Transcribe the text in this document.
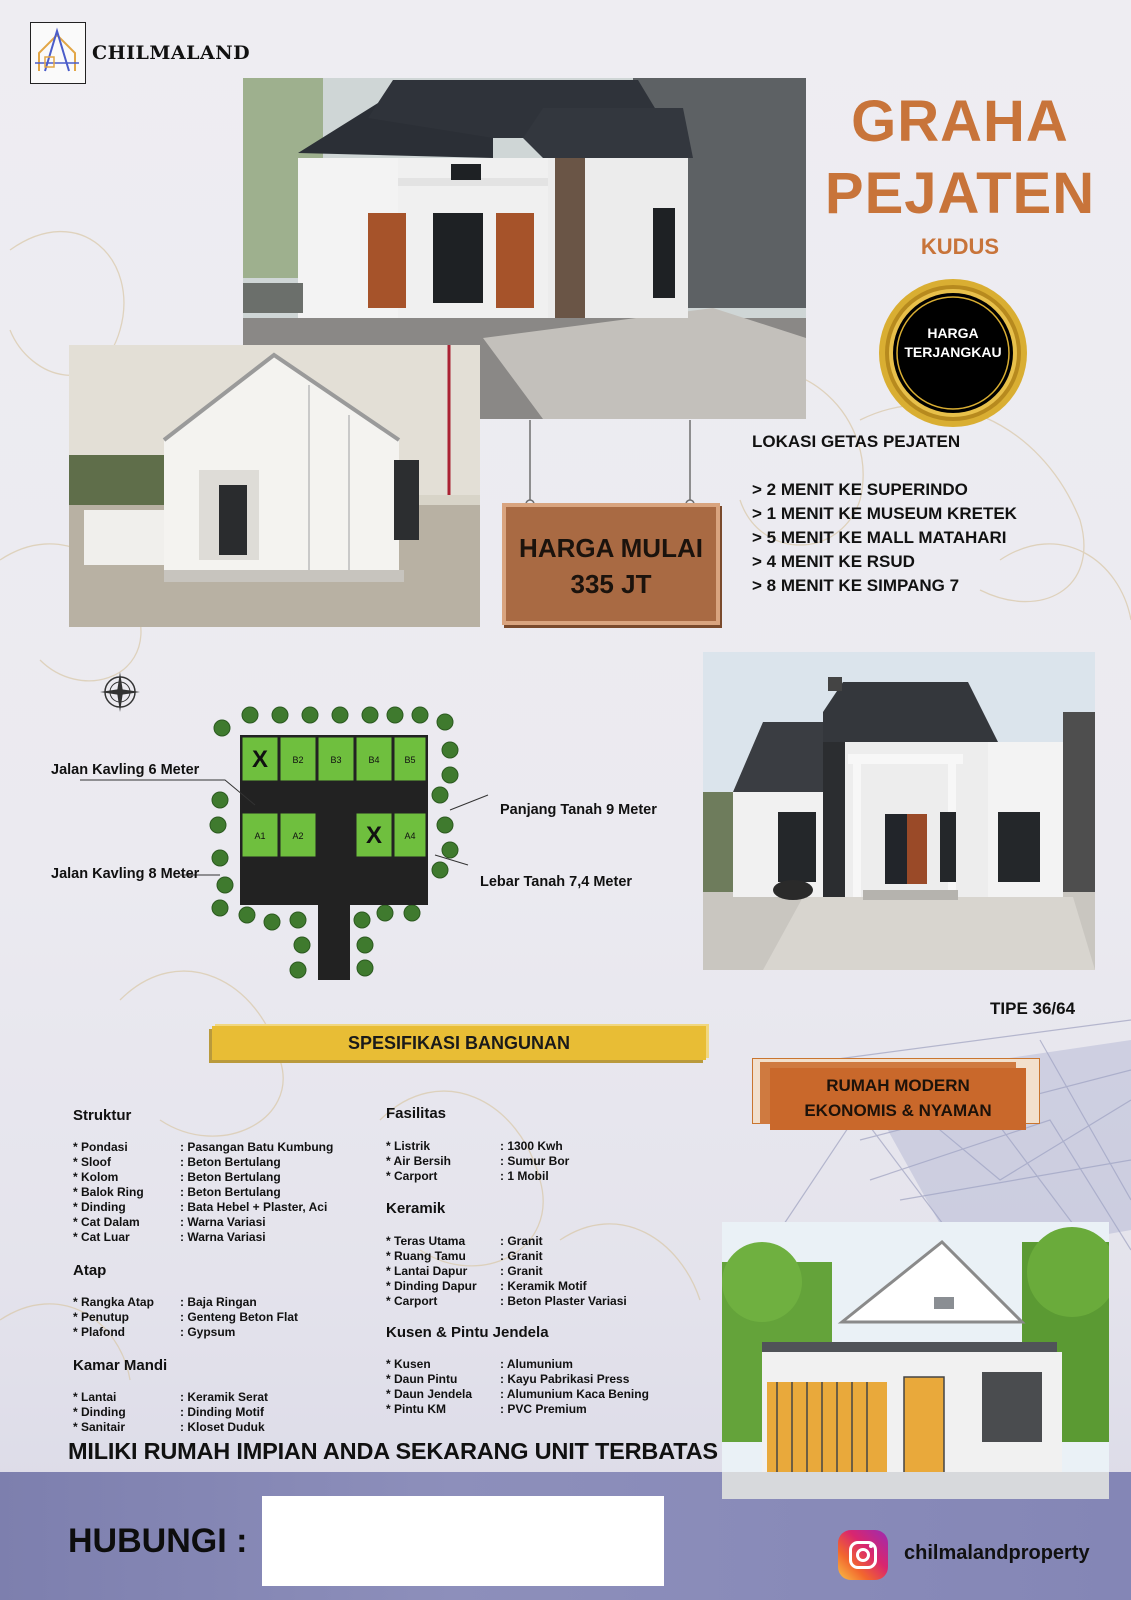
CHILMALAND
GRAHA
PEJATEN
KUDUS
HARGA
TERJANGKAU
HARGA MULAI
335 JT
LOKASI GETAS PEJATEN
> 2 MENIT KE SUPERINDO
> 1 MENIT KE MUSEUM KRETEK
> 5 MENIT KE MALL MATAHARI
> 4 MENIT KE RSUD
> 8 MENIT KE SIMPANG 7
X	B2	B3	B4	B5
A1	A2	X A4
Jalan Kavling 6 Meter
Jalan Kavling 8 Meter
Panjang Tanah 9 Meter
Lebar Tanah 7,4 Meter
TIPE 36/64
SPESIFIKASI BANGUNAN
RUMAH MODERN
EKONOMIS & NYAMAN
Struktur
* Pondasi	: Pasangan Batu Kumbung
* Sloof	: Beton Bertulang
* Kolom	: Beton Bertulang
* Balok Ring	: Beton Bertulang
* Dinding	: Bata Hebel + Plaster, Aci
* Cat Dalam	: Warna Variasi
* Cat Luar	: Warna Variasi
Atap
* Rangka Atap : Baja Ringan
* Penutup	: Genteng Beton Flat
* Plafond	: Gypsum
Kamar Mandi
* Lantai	: Keramik Serat
* Dinding	: Dinding Motif
* Sanitair	: Kloset Duduk
Fasilitas
* Listrik	: 1300 Kwh
* Air Bersih	: Sumur Bor
* Carport	: 1 Mobil
Keramik
* Teras Utama	: Granit
* Ruang Tamu	: Granit
* Lantai Dapur	: Granit
* Dinding Dapur : Keramik Motif
* Carport	: Beton Plaster Variasi
Kusen & Pintu Jendela
* Kusen	: Alumunium
* Daun Pintu	: Kayu Pabrikasi Press
* Daun Jendela : Alumunium Kaca Bening
* Pintu KM	: PVC Premium
MILIKI RUMAH IMPIAN ANDA SEKARANG UNIT TERBATAS
HUBUNGI :	chilmalandproperty
